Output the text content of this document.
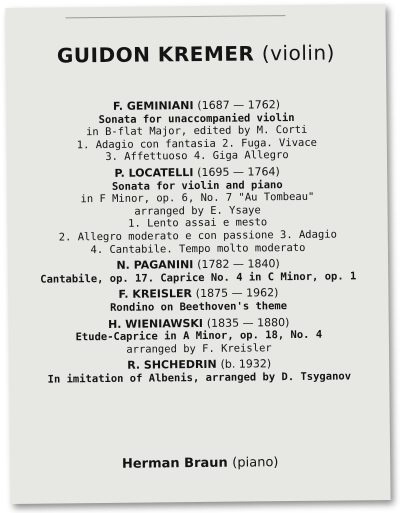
GUIDON KREMER (violin)
F. GEMINIANI (1687 — 1762)
Sonata for unaccompanied violin
in B-flat Major, edited by M. Corti
1. Adagio con fantasia 2. Fuga. Vivace
3. Affettuoso 4. Giga Allegro
P. LOCATELLI (1695 — 1764)
Sonata for violin and piano
in F Minor, op. 6, No. 7 "Au Tombeau"
arranged by E. Ysaye
1. Lento assai e mesto
2. Allegro moderato e con passione 3. Adagio
4. Cantabile. Tempo molto moderato
N. PAGANINI (1782 — 1840)
Cantabile, op. 17. Caprice No. 4 in C Minor, op. 1
F. KREISLER (1875 — 1962)
Rondino on Beethoven's theme
H. WIENIAWSKI (1835 — 1880)
Etude-Caprice in A Minor, op. 18, No. 4
arranged by F. Kreisler
R. SHCHEDRIN (b. 1932)
In imitation of Albenis, arranged by D. Tsyganov
Herman Braun (piano)
